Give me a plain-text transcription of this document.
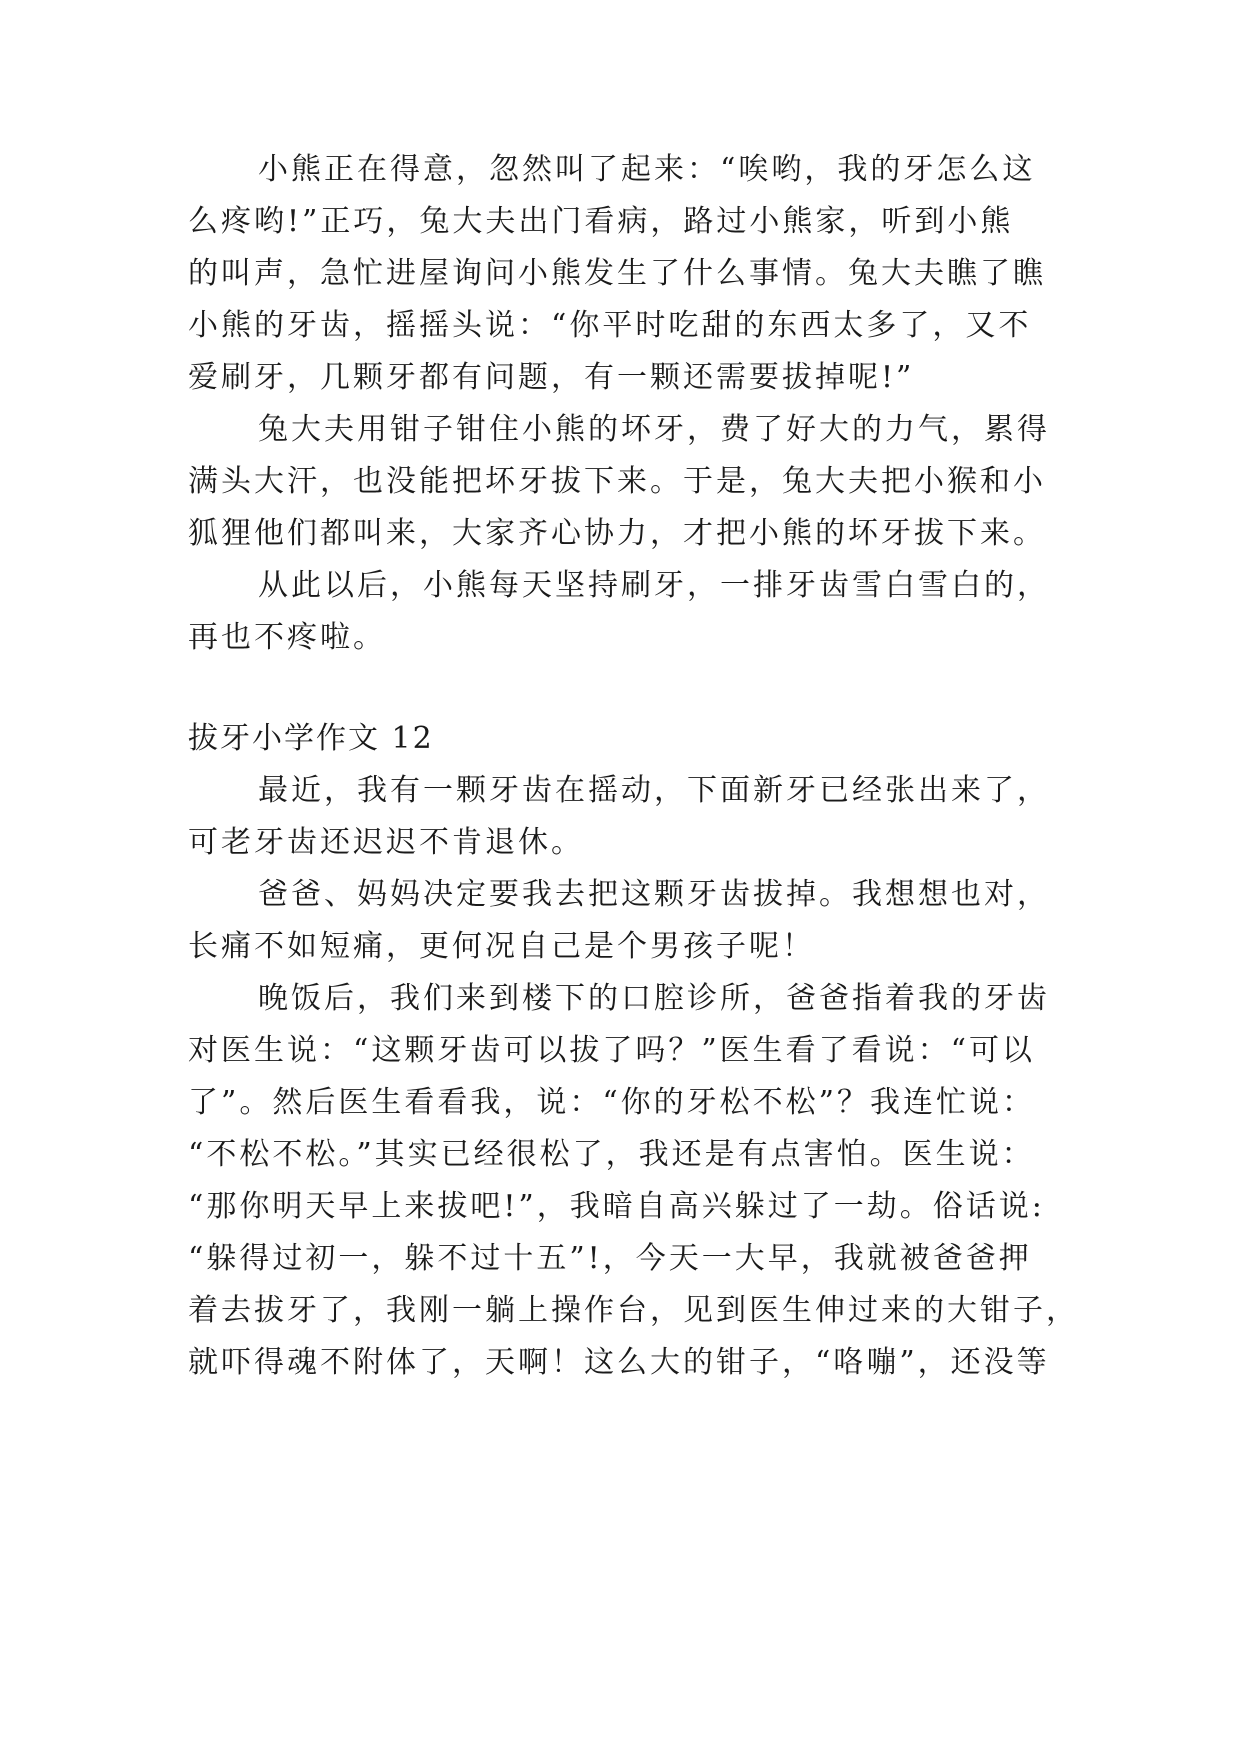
小熊正在得意，忽然叫了起来：“唉哟，我的牙怎么这
么疼哟!”正巧，兔大夫出门看病，路过小熊家，听到小熊
的叫声，急忙进屋询问小熊发生了什么事情。兔大夫瞧了瞧
小熊的牙齿，摇摇头说：“你平时吃甜的东西太多了，又不
爱刷牙，几颗牙都有问题，有一颗还需要拔掉呢!”
兔大夫用钳子钳住小熊的坏牙，费了好大的力气，累得
满头大汗，也没能把坏牙拔下来。于是，兔大夫把小猴和小
狐狸他们都叫来，大家齐心协力，才把小熊的坏牙拔下来。
从此以后，小熊每天坚持刷牙，一排牙齿雪白雪白的，
再也不疼啦。
拔牙小学作文 12
最近，我有一颗牙齿在摇动，下面新牙已经张出来了，
可老牙齿还迟迟不肯退休。
爸爸、妈妈决定要我去把这颗牙齿拔掉。我想想也对，
长痛不如短痛，更何况自己是个男孩子呢！
晚饭后，我们来到楼下的口腔诊所，爸爸指着我的牙齿
对医生说：“这颗牙齿可以拔了吗？”医生看了看说：“可以
了”。然后医生看看我，说：“你的牙松不松”？我连忙说：
“不松不松。”其实已经很松了，我还是有点害怕。医生说：
“那你明天早上来拔吧!”，我暗自高兴躲过了一劫。俗话说:
“躲得过初一，躲不过十五”!，今天一大早，我就被爸爸押
着去拔牙了，我刚一躺上操作台，见到医生伸过来的大钳子，
就吓得魂不附体了，天啊！这么大的钳子，“咯嘣”，还没等
